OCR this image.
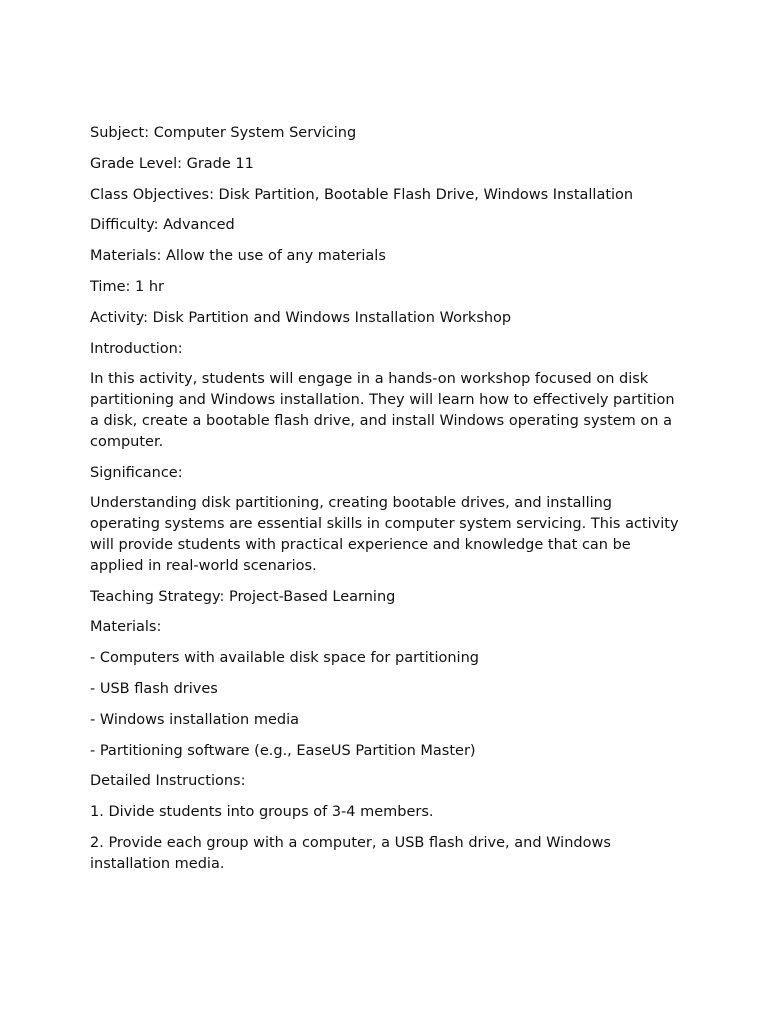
Subject: Computer System Servicing

Grade Level: Grade 11

Class Objectives: Disk Partition, Bootable Flash Drive, Windows Installation

Difficulty: Advanced

Materials: Allow the use of any materials

Time: 1 hr

Activity: Disk Partition and Windows Installation Workshop

Introduction:

In this activity, students will engage in a hands-on workshop focused on disk partitioning and Windows installation. They will learn how to effectively partition a disk, create a bootable flash drive, and install Windows operating system on a computer.

Significance:

Understanding disk partitioning, creating bootable drives, and installing operating systems are essential skills in computer system servicing. This activity will provide students with practical experience and knowledge that can be applied in real-world scenarios.

Teaching Strategy: Project-Based Learning

Materials:

- Computers with available disk space for partitioning

- USB flash drives

- Windows installation media

- Partitioning software (e.g., EaseUS Partition Master)

Detailed Instructions:

1. Divide students into groups of 3-4 members.

2. Provide each group with a computer, a USB flash drive, and Windows installation media.
